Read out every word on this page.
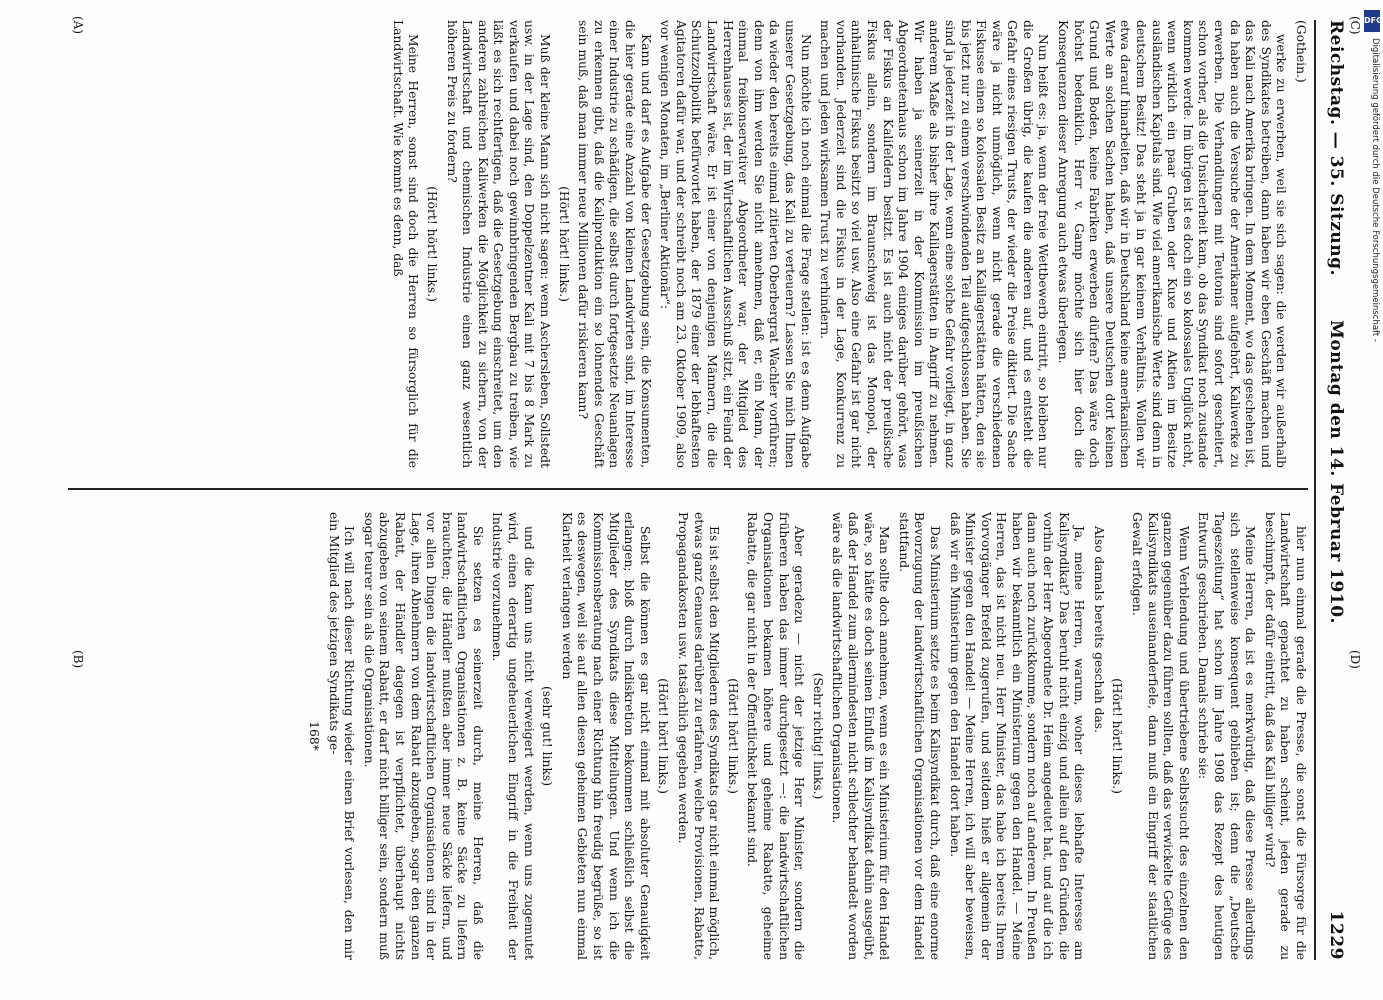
Reichstag. — 35. Sitzung.
Montag den 14. Februar 1910.
1229

(Gothein.)

werke zu erwerben, weil sie sich sagen: die werden wir außerhalb des Syndikates betreiben, dann haben wir eben Geschäft machen und das Kali nach Amerika bringen. In dem Moment, wo das geschehen ist, da haben auch die Versuche der Amerikaner aufgehört, Kaliwerke zu erwerben. Die Verhandlungen mit Teutonia sind sofort gescheitert, schon vorher, als die Unsicherheit kam, ob das Syndikat noch zustande kommen werde. Im übrigen ist es doch ein so kolossales Unglück nicht, wenn wirklich ein paar Gruben oder Kuxe und Aktien im Besitze ausländischen Kapitals sind. Wie viel amerikanische Werte sind denn in deutschem Besitz! Das steht ja in gar keinem Verhältnis. Wollen wir etwa darauf hinarbeiten, daß wir in Deutschland keine amerikanischen Werte an solchen Sachen haben, daß unsere Deutschen dort keinen Grund und Boden, keine Fabriken erwerben dürfen? Das wäre doch höchst bedenklich. Herr v. Gamp möchte sich hier doch die Konsequenzen dieser Anregung auch etwas überlegen.

Nun heißt es: ja, wenn der freie Wettbewerb eintritt, so bleiben nur die Großen übrig, die kaufen die anderen auf, und es entsteht die Gefahr eines riesigen Trusts, der wieder die Preise diktiert. Die Sache wäre ja nicht unmöglich, wenn nicht gerade die verschiedenen Fiskusse einen so kolossalen Besitz an Kalilagerstätten hätten, den sie bis jetzt nur zu einem verschwindenden Teil aufgeschlossen haben. Sie sind ja jederzeit in der Lage, wenn eine solche Gefahr vorliegt, in ganz anderem Maße als bisher ihre Kalilagerstätten in Angriff zu nehmen. Wir haben ja seinerzeit in der Kommission im preußischen Abgeordnetenhaus schon im Jahre 1904 einiges darüber gehört, was der Fiskus an Kalifeldern besitzt. Es ist auch nicht der preußische Fiskus allein, sondern im Braunschweig ist das Monopol, der anhaltinische Fiskus besitzt so viel usw. Also eine Gefahr ist gar nicht vorhanden. Jederzeit sind die Fiskus in der Lage, Konkurrenz zu machen und jeden wirksamen Trust zu verhindern.

Nun möchte ich noch einmal die Frage stellen: ist es denn Aufgabe unserer Gesetzgebung, das Kali zu verteuern? Lassen Sie mich Ihnen da wieder den bereits einmal zitierten Oberbergrat Wachler vorführen; denn von ihm werden Sie nicht annehmen, daß er, ein Mann, der einmal freikonservativer Abgeordneter war, der Mitglied des Herrenhauses ist, der im Wirtschaftlichen Ausschuß sitzt, ein Feind der Landwirtschaft wäre. Er ist einer von denjenigen Männern, die die Schutzzollpolitik befürwortet haben, der 1879 einer der lebhaftesten Agitatoren dafür war, und der schreibt noch am 23. Oktober 1909, also vor wenigen Monaten, im „Berliner Aktionär“:

Kann und darf es Aufgabe der Gesetzgebung sein, die Konsumenten, die hier gerade eine Anzahl von kleinen Landwirten sind, im Interesse einer Industrie zu schädigen, die selbst durch fortgesetzte Neuanlagen zu erkennen gibt, daß die Kaliproduktion ein so lohnendes Geschäft sein muß, daß man immer neue Millionen dafür riskieren kann?

(Hört! hört! links.)

Muß der kleine Mann sich nicht sagen: wenn Aschersleben, Sollstedt usw. in der Lage sind, den Doppelzentner Kali mit 7 bis 8 Mark zu verkaufen und dabei noch gewinnbringenden Bergbau zu treiben, wie läßt es sich rechtfertigen, daß die Gesetzgebung einschreitet, um den anderen zahlreichen Kaliwerken die Möglichkeit zu sichern, von der Landwirtschaft und chemischen Industrie einen ganz wesentlich höheren Preis zu fordern?

(Hört! hört! links.)

Meine Herren, sonst sind doch die Herren so fürsorglich für die Landwirtschaft. Wie kommt es denn, daß

hier nun einmal gerade die Presse, die sonst die Fürsorge für die Landwirtschaft gepachtet zu haben scheint, jeden gerade zu beschimpft, der dafür eintritt, daß das Kali billiger wird?

Meine Herren, da ist es merkwürdig, daß diese Presse allerdings sich stellenweise konsequent geblieben ist; denn die „Deutsche Tageszeitung“ hat schon im Jahre 1908 das Rezept des heutigen Entwurfs geschrieben. Damals schrieb sie:

Wenn Verblendung und übertriebene Selbstsucht des einzelnen den ganzen gegenüber dazu führen sollten, daß das verwickelte Gefüge des Kalisyndikats auseinanderfiele, dann muß ein Eingriff der staatlichen Gewalt erfolgen.

(Hört! hört! links.)

Also damals bereits geschah das.

Ja, meine Herren, warum, woher dieses lebhafte Interesse am Kalisyndikat? Das beruht nicht einzig und allein auf den Gründen, die vorhin der Herr Abgeordnete Dr. Heim angedeutet hat, und auf die ich dann auch noch zurückkomme, sondern noch auf anderem. In Preußen haben wir bekanntlich ein Ministerium gegen den Handel. — Meine Herren, das ist nicht neu. Herr Minister, das habe ich bereits Ihrem Vorvorgänger Brefeld zugerufen, und seitdem hieß er allgemein der Minister gegen den Handel! — Meine Herren, ich will aber beweisen, daß wir ein Ministerium gegen den Handel dort haben.

Das Ministerium setzte es beim Kalisyndikat durch, daß eine enorme Bevorzugung der landwirtschaftlichen Organisationen vor dem Handel stattfand.

Man sollte doch annehmen, wenn es ein Ministerium für den Handel wäre, so hätte es doch seinen Einfluß im Kalisyndikat dahin ausgeübt, daß der Handel zum allermindesten nicht schlechter behandelt worden wäre als die landwirtschaftlichen Organisationen.

(Sehr richtig! links.)

Aber geradezu — nicht der jetzige Herr Minister, sondern die früheren haben das immer durchgesetzt —: die landwirtschaftlichen Organisationen bekamen höhere und geheime Rabatte, geheime Rabatte, die gar nicht in der Öffentlichkeit bekannt sind.

(Hört! hört! links.)

Es ist selbst den Mitgliedern des Syndikats gar nicht einmal möglich, etwas ganz Genaues darüber zu erfahren, welche Provisionen, Rabatte, Propagandakosten usw. tatsächlich gegeben werden.

(Hört! hört! links.)

Selbst die können es gar nicht einmal mit absoluter Genauigkeit erlangen; bloß durch Indiskretion bekommen schließlich selbst die Mitglieder des Syndikats diese Mitteilungen. Und wenn ich die Kommissionsberatung nach einer Richtung hin freudig begrüße, so ist es deswegen, weil sie auf allen diesen geheimen Gebieten nun einmal Klarheit verlangen werden

(sehr gut! links)

und die kann uns nicht verweigert werden, wenn uns zugemutet wird, einen derartig ungeheuerlichen Eingriff in die Freiheit der Industrie vorzunehmen.

Sie setzen es seinerzeit durch, meine Herren, daß die landwirtschaftlichen Organisationen z. B. keine Säcke zu liefern brauchten; die Händler mußten aber immer neue Säcke liefern, und vor allen Dingen die landwirtschaftlichen Organisationen sind in der Lage, ihren Abnehmern von dem Rabatt abzugeben, sogar den ganzen Rabatt, der Händler dagegen ist verpflichtet, überhaupt nichts abzugeben von seinem Rabatt, er darf nicht billiger sein, sondern muß sogar teurer sein als die Organisationen.

Ich will nach dieser Richtung wieder einen Brief vorlesen, den mir ein Mitglied des jetzigen Syndikats ge-

168*

(A)
(B)
(C)
(D)
DFG
Digitalisierung gefördert durch die Deutsche Forschungsgemeinschaft -
